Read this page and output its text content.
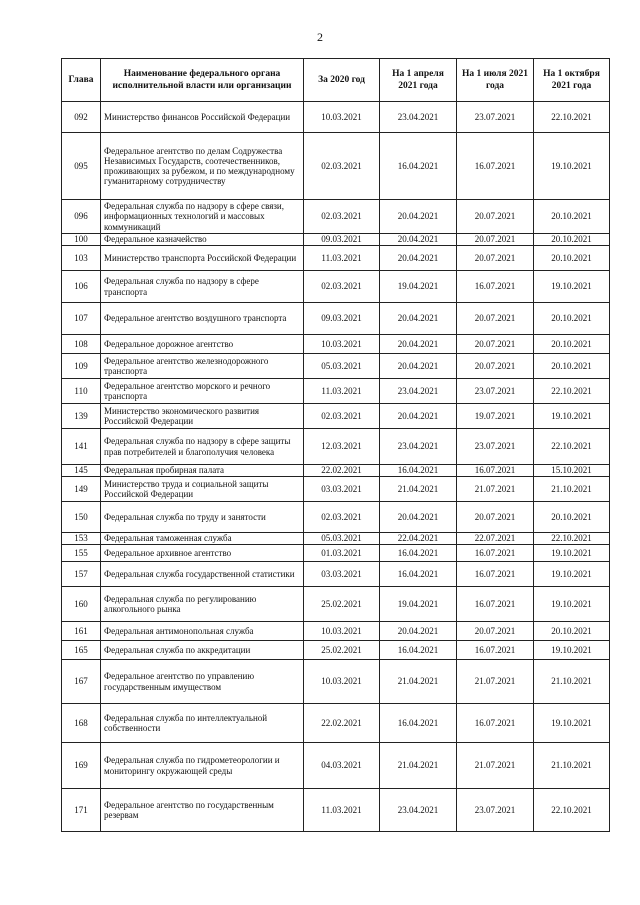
2
Глава	Наименование федерального органа исполнительной власти или организации	За 2020 год	На 1 апреля 2021 года	На 1 июля 2021 года	На 1 октября 2021 года
092	Министерство финансов Российской Федерации	10.03.2021	23.04.2021	23.07.2021	22.10.2021
095	Федеральное агентство по делам Содружества Независимых Государств, соотечественников, проживающих за рубежом, и по международному гуманитарному сотрудничеству	02.03.2021	16.04.2021	16.07.2021	19.10.2021
096	Федеральная служба по надзору в сфере связи, информационных технологий и массовых коммуникаций	02.03.2021	20.04.2021	20.07.2021	20.10.2021
100	Федеральное казначейство	09.03.2021	20.04.2021	20.07.2021	20.10.2021
103	Министерство транспорта Российской Федерации	11.03.2021	20.04.2021	20.07.2021	20.10.2021
106	Федеральная служба по надзору в сфере транспорта	02.03.2021	19.04.2021	16.07.2021	19.10.2021
107	Федеральное агентство воздушного транспорта	09.03.2021	20.04.2021	20.07.2021	20.10.2021
108	Федеральное дорожное агентство	10.03.2021	20.04.2021	20.07.2021	20.10.2021
109	Федеральное агентство железнодорожного транспорта	05.03.2021	20.04.2021	20.07.2021	20.10.2021
110	Федеральное агентство морского и речного транспорта	11.03.2021	23.04.2021	23.07.2021	22.10.2021
139	Министерство экономического развития Российской Федерации	02.03.2021	20.04.2021	19.07.2021	19.10.2021
141	Федеральная служба по надзору в сфере защиты прав потребителей и благополучия человека	12.03.2021	23.04.2021	23.07.2021	22.10.2021
145	Федеральная пробирная палата	22.02.2021	16.04.2021	16.07.2021	15.10.2021
149	Министерство труда и социальной защиты Российской Федерации	03.03.2021	21.04.2021	21.07.2021	21.10.2021
150	Федеральная служба по труду и занятости	02.03.2021	20.04.2021	20.07.2021	20.10.2021
153	Федеральная таможенная служба	05.03.2021	22.04.2021	22.07.2021	22.10.2021
155	Федеральное архивное агентство	01.03.2021	16.04.2021	16.07.2021	19.10.2021
157	Федеральная служба государственной статистики	03.03.2021	16.04.2021	16.07.2021	19.10.2021
160	Федеральная служба по регулированию алкогольного рынка	25.02.2021	19.04.2021	16.07.2021	19.10.2021
161	Федеральная антимонопольная служба	10.03.2021	20.04.2021	20.07.2021	20.10.2021
165	Федеральная служба по аккредитации	25.02.2021	16.04.2021	16.07.2021	19.10.2021
167	Федеральное агентство по управлению государственным имуществом	10.03.2021	21.04.2021	21.07.2021	21.10.2021
168	Федеральная служба по интеллектуальной собственности	22.02.2021	16.04.2021	16.07.2021	19.10.2021
169	Федеральная служба по гидрометеорологии и мониторингу окружающей среды	04.03.2021	21.04.2021	21.07.2021	21.10.2021
171	Федеральное агентство по государственным резервам	11.03.2021	23.04.2021	23.07.2021	22.10.2021
